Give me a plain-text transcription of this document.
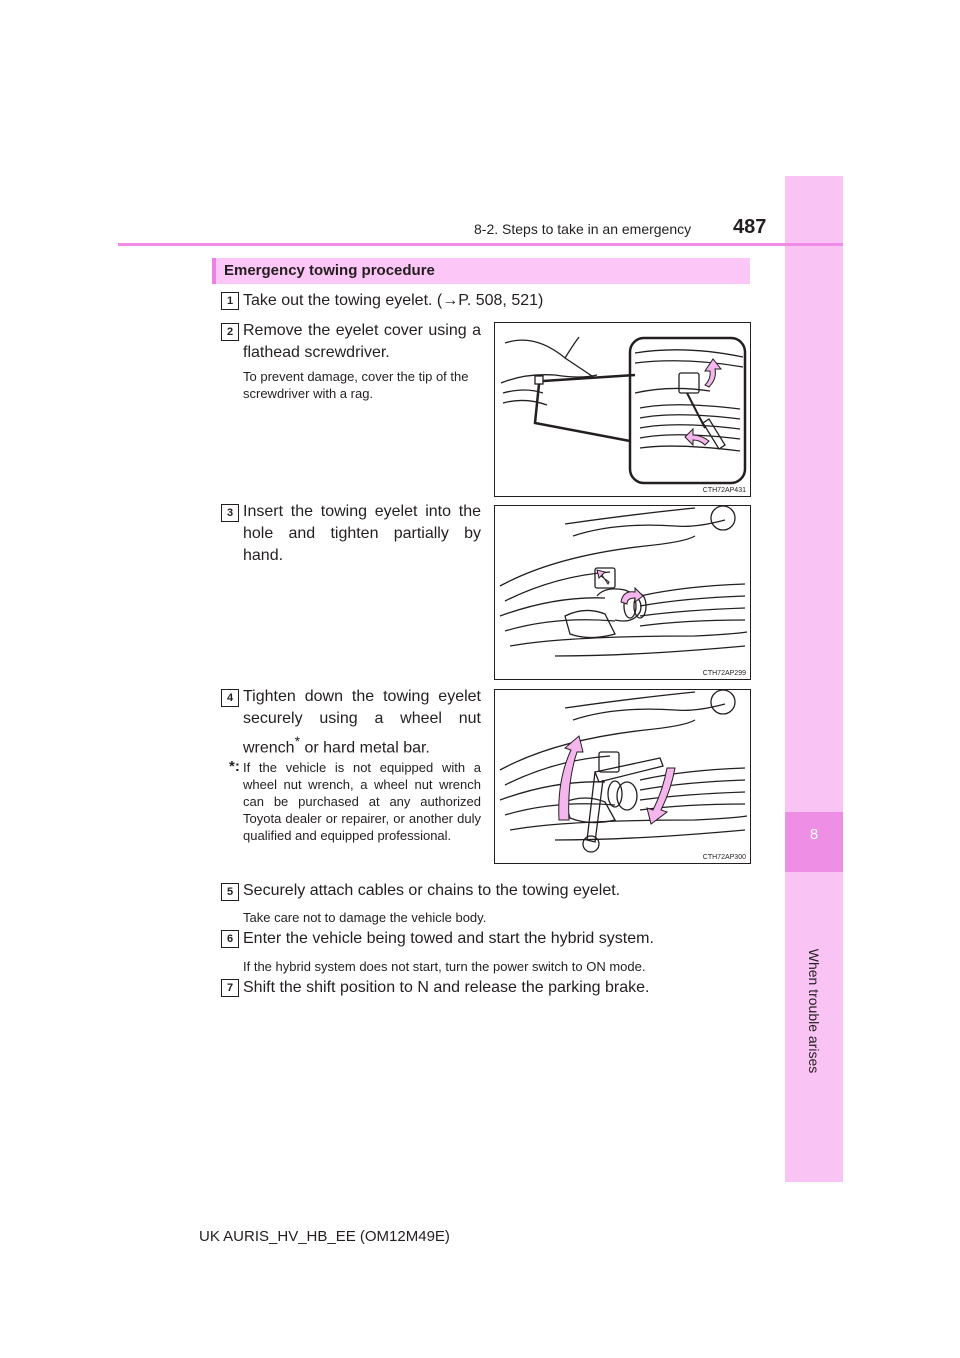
8
When trouble arises
8-2. Steps to take in an emergency 487
Emergency towing procedure
1 Take out the towing eyelet. (→P. 508, 521)
2 Remove the eyelet cover using a flathead screwdriver.
To prevent damage, cover the tip of the screwdriver with a rag.
CTH72AP431
3 Insert the towing eyelet into the hole and tighten partially by hand.
CTH72AP299
4 Tighten down the towing eyelet securely using a wheel nut wrench* or hard metal bar.
*: If the vehicle is not equipped with a wheel nut wrench, a wheel nut wrench can be purchased at any authorized Toyota dealer or repairer, or another duly qualified and equipped professional.
CTH72AP300
5 Securely attach cables or chains to the towing eyelet.
Take care not to damage the vehicle body.
6 Enter the vehicle being towed and start the hybrid system.
If the hybrid system does not start, turn the power switch to ON mode.
7 Shift the shift position to N and release the parking brake.
UK AURIS_HV_HB_EE (OM12M49E)
